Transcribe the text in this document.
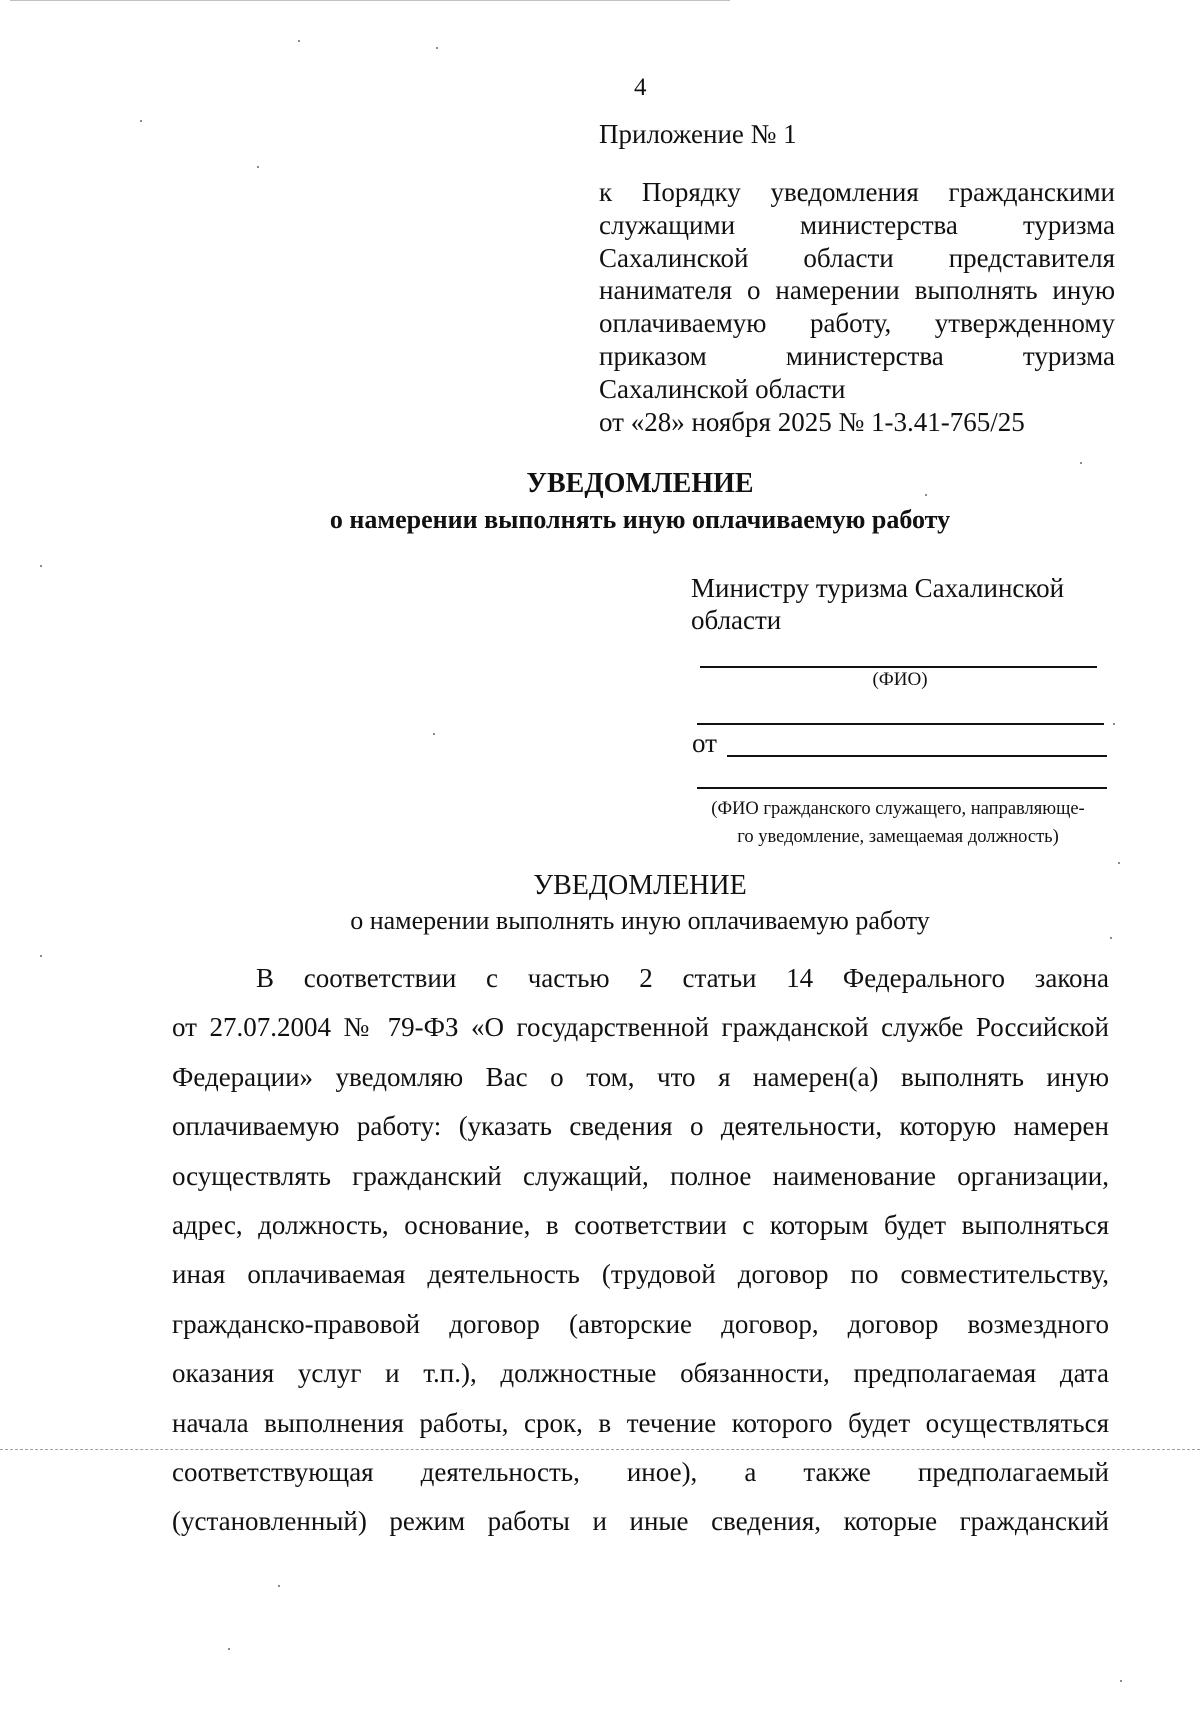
4
Приложение № 1
к Порядку уведомления гражданскими
служащими министерства туризма
Сахалинской области представителя
нанимателя о намерении выполнять иную
оплачиваемую работу, утвержденному
приказом министерства туризма
Сахалинской области
от «28» ноября 2025 № 1-3.41-765/25
УВЕДОМЛЕНИЕ
о намерении выполнять иную оплачиваемую работу
Министру туризма Сахалинской
области
(ФИО)
от
(ФИО гражданского служащего, направляюще-
го уведомление, замещаемая должность)
УВЕДОМЛЕНИЕ
о намерении выполнять иную оплачиваемую работу
В соответствии с частью 2 статьи 14 Федерального закона
от 27.07.2004 № 79-ФЗ «О государственной гражданской службе Российской
Федерации» уведомляю Вас о том, что я намерен(а) выполнять иную
оплачиваемую работу: (указать сведения о деятельности, которую намерен
осуществлять гражданский служащий, полное наименование организации,
адрес, должность, основание, в соответствии с которым будет выполняться
иная оплачиваемая деятельность (трудовой договор по совместительству,
гражданско-правовой договор (авторские договор, договор возмездного
оказания услуг и т.п.), должностные обязанности, предполагаемая дата
начала выполнения работы, срок, в течение которого будет осуществляться
соответствующая деятельность, иное), а также предполагаемый
(установленный) режим работы и иные сведения, которые гражданский
